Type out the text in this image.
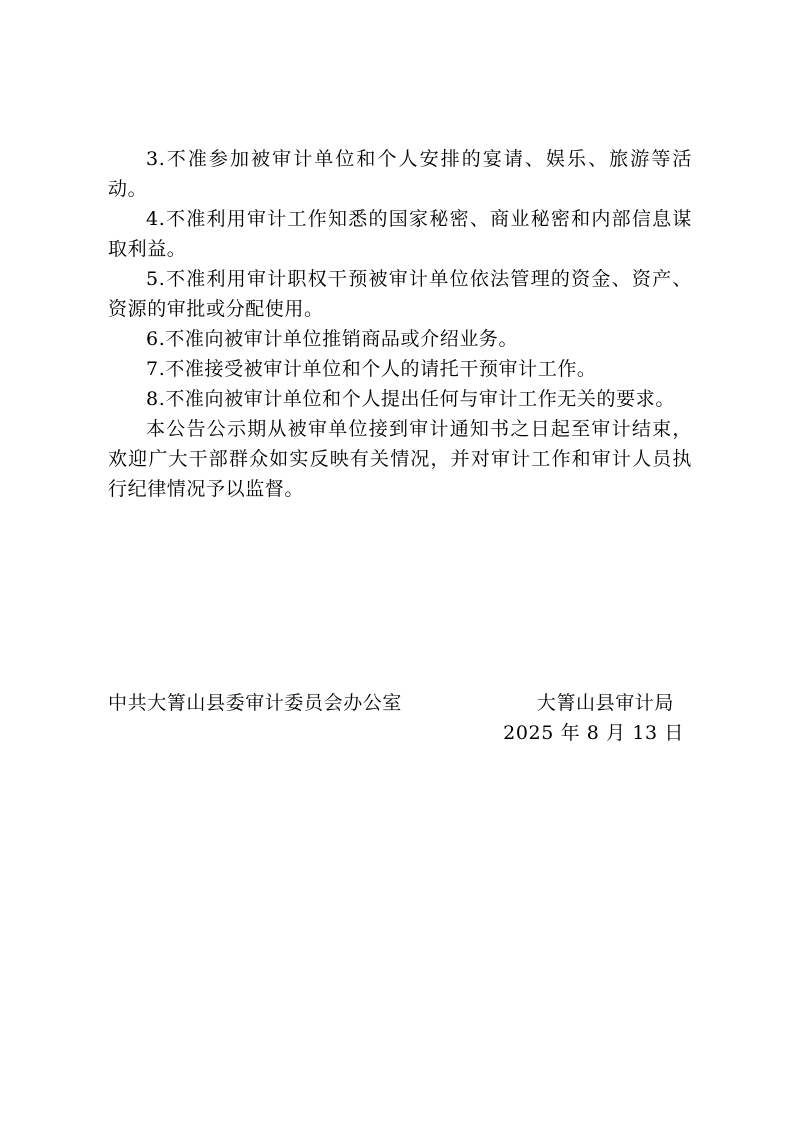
3.不准参加被审计单位和个人安排的宴请、娱乐、旅游等活动。

4.不准利用审计工作知悉的国家秘密、商业秘密和内部信息谋取利益。

5.不准利用审计职权干预被审计单位依法管理的资金、资产、资源的审批或分配使用。

6.不准向被审计单位推销商品或介绍业务。

7.不准接受被审计单位和个人的请托干预审计工作。

8.不准向被审计单位和个人提出任何与审计工作无关的要求。

本公告公示期从被审单位接到审计通知书之日起至审计结束，欢迎广大干部群众如实反映有关情况，并对审计工作和审计人员执行纪律情况予以监督。

中共大箐山县委审计委员会办公室	大箐山县审计局
2025 年 8 月 13 日
